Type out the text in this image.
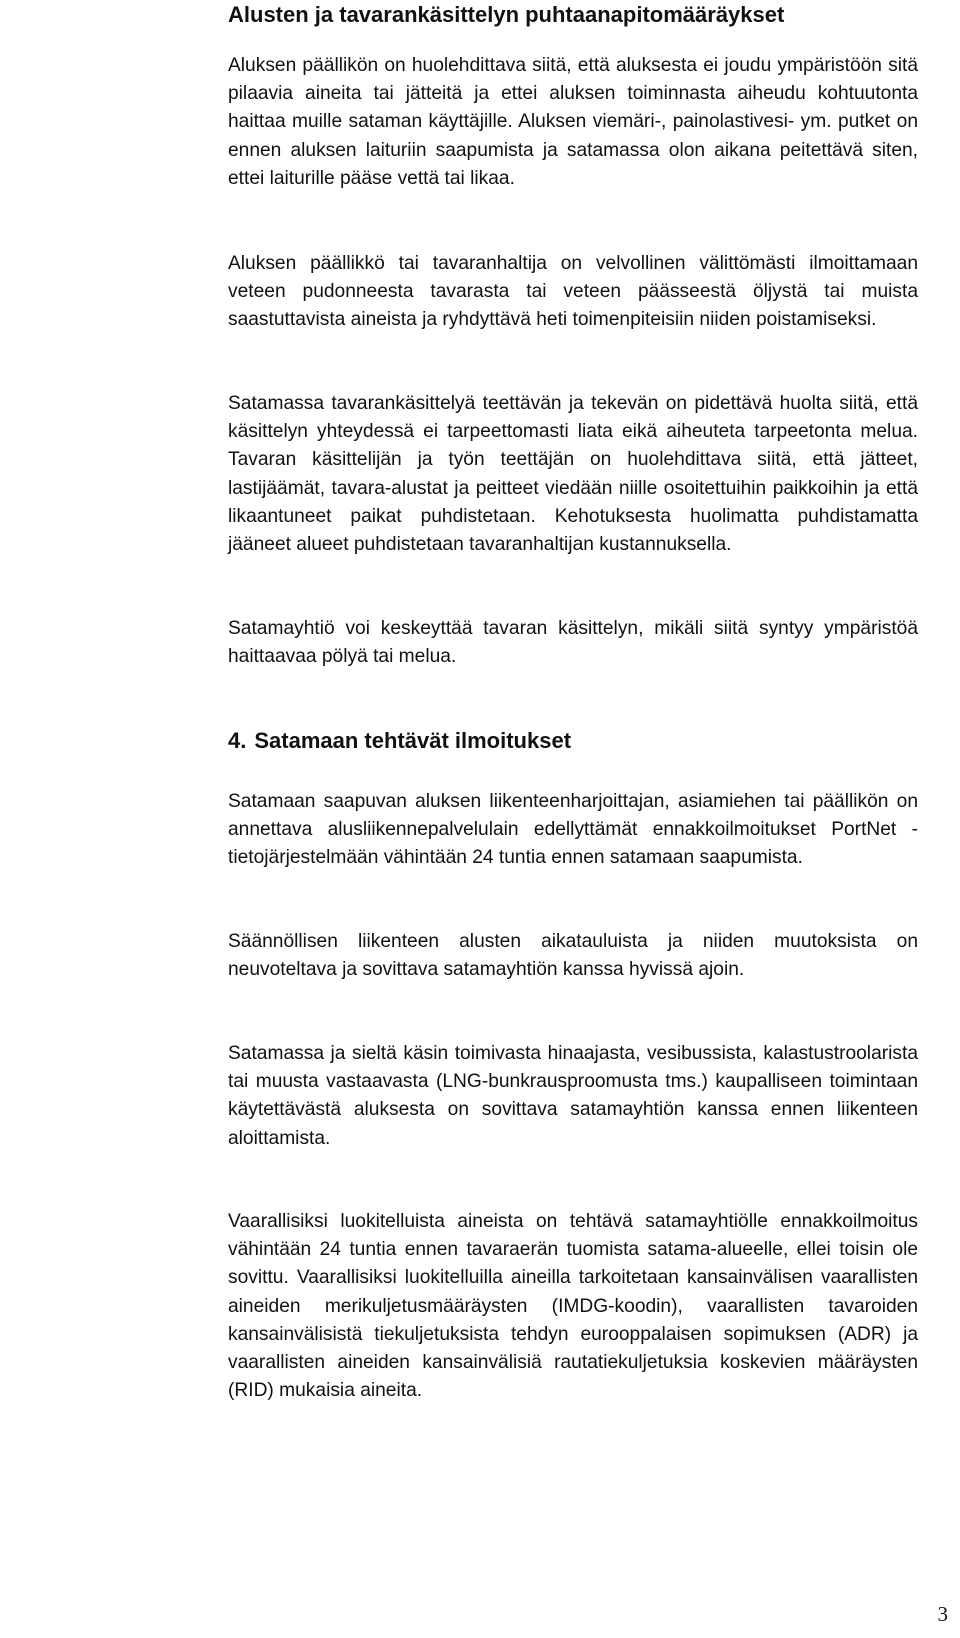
Alusten ja tavarankäsittelyn puhtaanapitomääräykset

Aluksen päällikön on huolehdittava siitä, että aluksesta ei joudu ympäristöön sitä pilaavia aineita tai jätteitä ja ettei aluksen toiminnasta aiheudu kohtuutonta haittaa muille sataman käyttäjille. Aluksen viemäri-, painolastivesi- ym. putket on ennen aluksen laituriin saapumista ja satamassa olon aikana peitettävä siten, ettei laiturille pääse vettä tai likaa.

Aluksen päällikkö tai tavaranhaltija on velvollinen välittömästi ilmoittamaan veteen pudonneesta tavarasta tai veteen päässeestä öljystä tai muista saastuttavista aineista ja ryhdyttävä heti toimenpiteisiin niiden poistamiseksi.

Satamassa tavarankäsittelyä teettävän ja tekevän on pidettävä huolta siitä, että käsittelyn yhteydessä ei tarpeettomasti liata eikä aiheuteta tarpeetonta melua. Tavaran käsittelijän ja työn teettäjän on huolehdittava siitä, että jätteet, lastijäämät, tavara-alustat ja peitteet viedään niille osoitettuihin paikkoihin ja että likaantuneet paikat puhdistetaan. Kehotuksesta huolimatta puhdistamatta jääneet alueet puhdistetaan tavaranhaltijan kustannuksella.

Satamayhtiö voi keskeyttää tavaran käsittelyn, mikäli siitä syntyy ympäristöä haittaavaa pölyä tai melua.

4. Satamaan tehtävät ilmoitukset

Satamaan saapuvan aluksen liikenteenharjoittajan, asiamiehen tai päällikön on annettava alusliikennepalvelulain edellyttämät ennakkoilmoitukset PortNet -tietojärjestelmään vähintään 24 tuntia ennen satamaan saapumista.

Säännöllisen liikenteen alusten aikatauluista ja niiden muutoksista on neuvoteltava ja sovittava satamayhtiön kanssa hyvissä ajoin.

Satamassa ja sieltä käsin toimivasta hinaajasta, vesibussista, kalastustroolarista tai muusta vastaavasta (LNG-bunkrausproomusta tms.) kaupalliseen toimintaan käytettävästä aluksesta on sovittava satamayhtiön kanssa ennen liikenteen aloittamista.

Vaarallisiksi luokitelluista aineista on tehtävä satamayhtiölle ennakkoilmoitus vähintään 24 tuntia ennen tavaraerän tuomista satama-alueelle, ellei toisin ole sovittu. Vaarallisiksi luokitelluilla aineilla tarkoitetaan kansainvälisen vaarallisten aineiden merikuljetusmääräysten (IMDG-koodin), vaarallisten tavaroiden kansainvälisistä tiekuljetuksista tehdyn eurooppalaisen sopimuksen (ADR) ja vaarallisten aineiden kansainvälisiä rautatiekuljetuksia koskevien määräysten (RID) mukaisia aineita.

3
